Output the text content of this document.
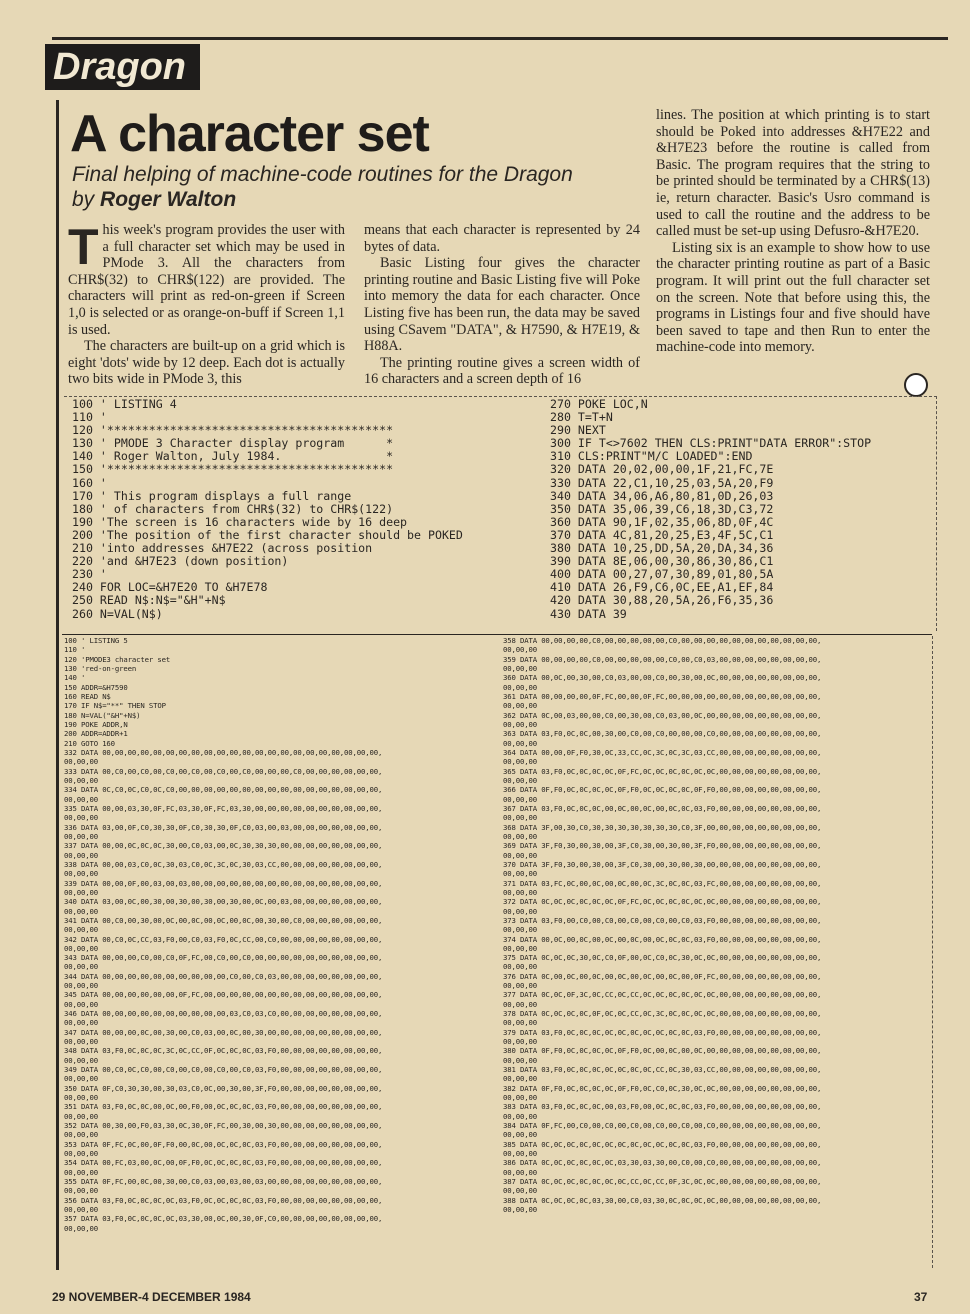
Dragon
A character set
Final helping of machine-code routines for the Dragon
by Roger Walton

This week's program provides the user with a full character set which may be used in PMode 3. All the characters from CHR$(32) to CHR$(122) are provided. The characters will print as red-on-green if Screen 1,0 is selected or as orange-on-buff if Screen 1,1 is used.

The characters are built-up on a grid which is eight 'dots' wide by 12 deep. Each dot is actually two bits wide in PMode 3, this

means that each character is represented by 24 bytes of data.

Basic Listing four gives the character printing routine and Basic Listing five will Poke into memory the data for each character. Once Listing five has been run, the data may be saved using CSavem "DATA", & H7590, & H7E19, & H88A.

The printing routine gives a screen width of 16 characters and a screen depth of 16

lines. The position at which printing is to start should be Poked into addresses &H7E22 and &H7E23 before the routine is called from Basic. The program requires that the string to be printed should be terminated by a CHR$(13) ie, return character. Basic's Usro command is used to call the routine and the address to be called must be set-up using Defusro-&H7E20.

Listing six is an example to show how to use the character printing routine as part of a Basic program. It will print out the full character set on the screen. Note that before using this, the programs in Listings four and five should have been saved to tape and then Run to enter the machine-code into memory.

100 ' LISTING 4
110 '
120 '*****************************************
130 ' PMODE 3 Character display program      *
140 ' Roger Walton, July 1984.               *
150 '*****************************************
160 '
170 ' This program displays a full range
180 ' of characters from CHR$(32) to CHR$(122)
190 'The screen is 16 characters wide by 16 deep
200 'The position of the first character should be POKED
210 'into addresses &H7E22 (across position
220 'and &H7E23 (down position)
230 '
240 FOR LOC=&H7E20 TO &H7E78
250 READ N$:N$="&H"+N$
260 N=VAL(N$)
270 POKE LOC,N
280 T=T+N
290 NEXT
300 IF T<>7602 THEN CLS:PRINT"DATA ERROR":STOP
310 CLS:PRINT"M/C LOADED":END
320 DATA 20,02,00,00,1F,21,FC,7E
330 DATA 22,C1,10,25,03,5A,20,F9
340 DATA 34,06,A6,80,81,0D,26,03
350 DATA 35,06,39,C6,18,3D,C3,72
360 DATA 90,1F,02,35,06,8D,0F,4C
370 DATA 4C,81,20,25,E3,4F,5C,C1
380 DATA 10,25,DD,5A,20,DA,34,36
390 DATA 8E,06,00,30,86,30,86,C1
400 DATA 00,27,07,30,89,01,80,5A
410 DATA 26,F9,C6,0C,EE,A1,EF,84
420 DATA 30,88,20,5A,26,F6,35,36
430 DATA 39
100 ' LISTING 5
110 '
120 'PMODE3 character set
130 'red-on-green
140 '
150 ADDR=&H7590
160 READ N$
170 IF N$="**" THEN STOP
180 N=VAL("&H"+N$)
190 POKE ADDR,N
200 ADDR=ADDR+1
210 GOTO 160
332 DATA 00,00,00,00,00,00,00,00,00,00,00,00,00,00,00,00,00,00,00,00,00,00,
00,00,00
333 DATA 00,C0,00,C0,00,C0,00,C0,00,C0,00,C0,00,00,00,C0,00,00,00,00,00,00,
00,00,00
334 DATA 0C,C0,0C,C0,0C,C0,00,00,00,00,00,00,00,00,00,00,00,00,00,00,00,00,
00,00,00
335 DATA 00,00,03,30,0F,FC,03,30,0F,FC,03,30,00,00,00,00,00,00,00,00,00,00,
00,00,00
336 DATA 03,00,0F,C0,30,30,0F,C0,30,30,0F,C0,03,00,03,00,00,00,00,00,00,00,
00,00,00
337 DATA 00,00,0C,0C,0C,30,00,C0,03,00,0C,30,30,30,00,00,00,00,00,00,00,00,
00,00,00
338 DATA 00,00,03,C0,0C,30,03,C0,0C,3C,0C,30,03,CC,00,00,00,00,00,00,00,00,
00,00,00
339 DATA 00,00,0F,00,03,00,03,00,00,00,00,00,00,00,00,00,00,00,00,00,00,00,
00,00,00
340 DATA 03,00,0C,00,30,00,30,00,30,00,30,00,0C,00,03,00,00,00,00,00,00,00,
00,00,00
341 DATA 00,C0,00,30,00,0C,00,0C,00,0C,00,0C,00,30,00,C0,00,00,00,00,00,00,
00,00,00
342 DATA 00,C0,0C,CC,03,F0,00,C0,03,F0,0C,CC,00,C0,00,00,00,00,00,00,00,00,
00,00,00
343 DATA 00,00,00,C0,00,C0,0F,FC,00,C0,00,C0,00,00,00,00,00,00,00,00,00,00,
00,00,00
344 DATA 00,00,00,00,00,00,00,00,00,00,C0,00,C0,03,00,00,00,00,00,00,00,00,
00,00,00
345 DATA 00,00,00,00,00,00,0F,FC,00,00,00,00,00,00,00,00,00,00,00,00,00,00,
00,00,00
346 DATA 00,00,00,00,00,00,00,00,00,00,03,C0,03,C0,00,00,00,00,00,00,00,00,
00,00,00
347 DATA 00,00,00,0C,00,30,00,C0,03,00,0C,00,30,00,00,00,00,00,00,00,00,00,
00,00,00
348 DATA 03,F0,0C,0C,0C,3C,0C,CC,0F,0C,0C,0C,03,F0,00,00,00,00,00,00,00,00,
00,00,00
349 DATA 00,C0,0C,C0,00,C0,00,C0,00,C0,00,C0,03,F0,00,00,00,00,00,00,00,00,
00,00,00
350 DATA 0F,C0,30,30,00,30,03,C0,0C,00,30,00,3F,F0,00,00,00,00,00,00,00,00,
00,00,00
351 DATA 03,F0,0C,0C,00,0C,00,F0,00,0C,0C,0C,03,F0,00,00,00,00,00,00,00,00,
00,00,00
352 DATA 00,30,00,F0,03,30,0C,30,0F,FC,00,30,00,30,00,00,00,00,00,00,00,00,
00,00,00
353 DATA 0F,FC,0C,00,0F,F0,00,0C,00,0C,0C,0C,03,F0,00,00,00,00,00,00,00,00,
00,00,00
354 DATA 00,FC,03,00,0C,00,0F,F0,0C,0C,0C,0C,03,F0,00,00,00,00,00,00,00,00,
00,00,00
355 DATA 0F,FC,00,0C,00,30,00,C0,03,00,03,00,03,00,00,00,00,00,00,00,00,00,
00,00,00
356 DATA 03,F0,0C,0C,0C,0C,03,F0,0C,0C,0C,0C,03,F0,00,00,00,00,00,00,00,00,
00,00,00
357 DATA 03,F0,0C,0C,0C,0C,03,30,00,0C,00,30,0F,C0,00,00,00,00,00,00,00,00,
00,00,00
358 DATA 00,00,00,00,C0,00,00,00,00,00,C0,00,00,00,00,00,00,00,00,00,00,00,
00,00,00
359 DATA 00,00,00,00,C0,00,00,00,00,00,C0,00,C0,03,00,00,00,00,00,00,00,00,
00,00,00
360 DATA 00,0C,00,30,00,C0,03,00,00,C0,00,30,00,0C,00,00,00,00,00,00,00,00,
00,00,00
361 DATA 00,00,00,00,0F,FC,00,00,0F,FC,00,00,00,00,00,00,00,00,00,00,00,00,
00,00,00
362 DATA 0C,00,03,00,00,C0,00,30,00,C0,03,00,0C,00,00,00,00,00,00,00,00,00,
00,00,00
363 DATA 03,F0,0C,0C,00,30,00,C0,00,C0,00,00,00,C0,00,00,00,00,00,00,00,00,
00,00,00
364 DATA 00,00,0F,F0,30,0C,33,CC,0C,3C,0C,3C,03,CC,00,00,00,00,00,00,00,00,
00,00,00
365 DATA 03,F0,0C,0C,0C,0C,0F,FC,0C,0C,0C,0C,0C,0C,00,00,00,00,00,00,00,00,
00,00,00
366 DATA 0F,F0,0C,0C,0C,0C,0F,F0,0C,0C,0C,0C,0F,F0,00,00,00,00,00,00,00,00,
00,00,00
367 DATA 03,F0,0C,0C,0C,00,0C,00,0C,00,0C,0C,03,F0,00,00,00,00,00,00,00,00,
00,00,00
368 DATA 3F,00,30,C0,30,30,30,30,30,30,30,C0,3F,00,00,00,00,00,00,00,00,00,
00,00,00
369 DATA 3F,F0,30,00,30,00,3F,C0,30,00,30,00,3F,F0,00,00,00,00,00,00,00,00,
00,00,00
370 DATA 3F,F0,30,00,30,00,3F,C0,30,00,30,00,30,00,00,00,00,00,00,00,00,00,
00,00,00
371 DATA 03,FC,0C,00,0C,00,0C,00,0C,3C,0C,0C,03,FC,00,00,00,00,00,00,00,00,
00,00,00
372 DATA 0C,0C,0C,0C,0C,0C,0F,FC,0C,0C,0C,0C,0C,0C,00,00,00,00,00,00,00,00,
00,00,00
373 DATA 03,F0,00,C0,00,C0,00,C0,00,C0,00,C0,03,F0,00,00,00,00,00,00,00,00,
00,00,00
374 DATA 00,0C,00,0C,00,0C,00,0C,00,0C,0C,0C,03,F0,00,00,00,00,00,00,00,00,
00,00,00
375 DATA 0C,0C,0C,30,0C,C0,0F,00,0C,C0,0C,30,0C,0C,00,00,00,00,00,00,00,00,
00,00,00
376 DATA 0C,00,0C,00,0C,00,0C,00,0C,00,0C,00,0F,FC,00,00,00,00,00,00,00,00,
00,00,00
377 DATA 0C,0C,0F,3C,0C,CC,0C,CC,0C,0C,0C,0C,0C,0C,00,00,00,00,00,00,00,00,
00,00,00
378 DATA 0C,0C,0C,0C,0F,0C,0C,CC,0C,3C,0C,0C,0C,0C,00,00,00,00,00,00,00,00,
00,00,00
379 DATA 03,F0,0C,0C,0C,0C,0C,0C,0C,0C,0C,0C,03,F0,00,00,00,00,00,00,00,00,
00,00,00
380 DATA 0F,F0,0C,0C,0C,0C,0F,F0,0C,00,0C,00,0C,00,00,00,00,00,00,00,00,00,
00,00,00
381 DATA 03,F0,0C,0C,0C,0C,0C,0C,0C,CC,0C,30,03,CC,00,00,00,00,00,00,00,00,
00,00,00
382 DATA 0F,F0,0C,0C,0C,0C,0F,F0,0C,C0,0C,30,0C,0C,00,00,00,00,00,00,00,00,
00,00,00
383 DATA 03,F0,0C,0C,0C,00,03,F0,00,0C,0C,0C,03,F0,00,00,00,00,00,00,00,00,
00,00,00
384 DATA 0F,FC,00,C0,00,C0,00,C0,00,C0,00,C0,00,C0,00,00,00,00,00,00,00,00,
00,00,00
385 DATA 0C,0C,0C,0C,0C,0C,0C,0C,0C,0C,0C,0C,03,F0,00,00,00,00,00,00,00,00,
00,00,00
386 DATA 0C,0C,0C,0C,0C,0C,03,30,03,30,00,C0,00,C0,00,00,00,00,00,00,00,00,
00,00,00
387 DATA 0C,0C,0C,0C,0C,0C,0C,CC,0C,CC,0F,3C,0C,0C,00,00,00,00,00,00,00,00,
00,00,00
388 DATA 0C,0C,0C,0C,03,30,00,C0,03,30,0C,0C,0C,0C,00,00,00,00,00,00,00,00,
00,00,00
29 NOVEMBER-4 DECEMBER 1984	37
